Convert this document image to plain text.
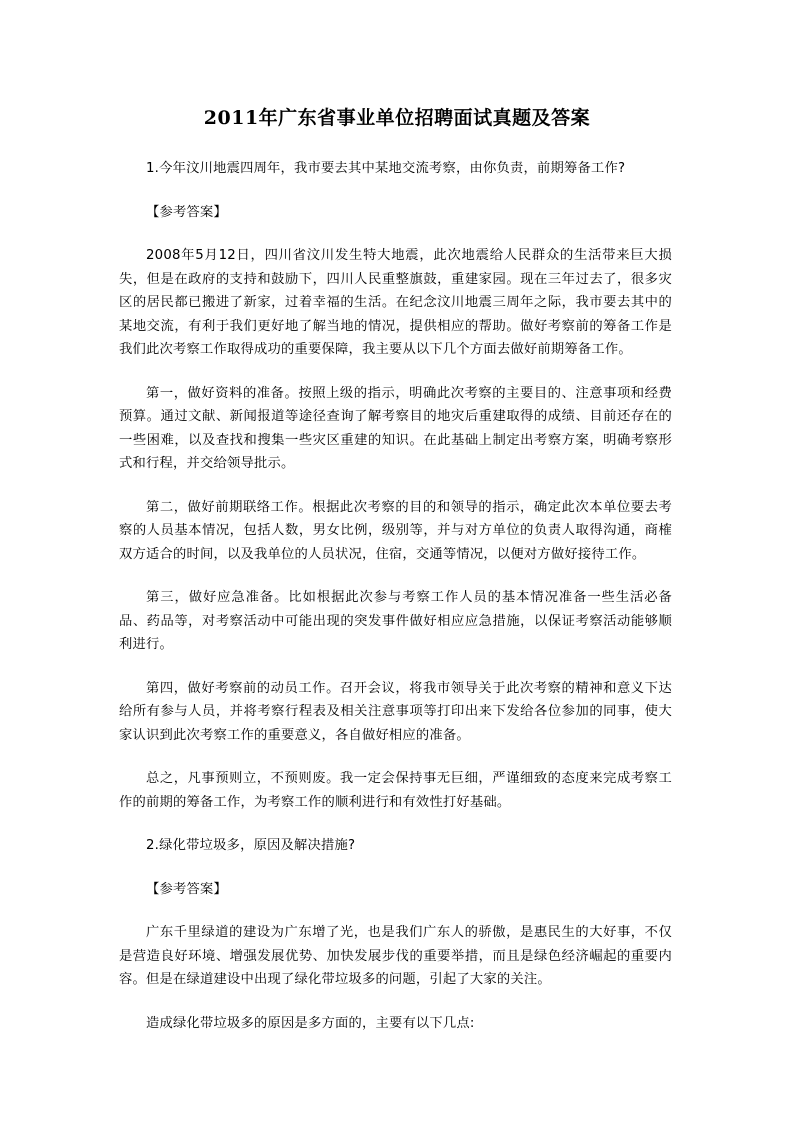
2011年广东省事业单位招聘面试真题及答案

1.今年汶川地震四周年，我市要去其中某地交流考察，由你负责，前期筹备工作?

【参考答案】

2008年5月12日，四川省汶川发生特大地震，此次地震给人民群众的生活带来巨大损失，但是在政府的支持和鼓励下，四川人民重整旗鼓，重建家园。现在三年过去了，很多灾区的居民都已搬进了新家，过着幸福的生活。在纪念汶川地震三周年之际，我市要去其中的某地交流，有利于我们更好地了解当地的情况，提供相应的帮助。做好考察前的筹备工作是我们此次考察工作取得成功的重要保障，我主要从以下几个方面去做好前期筹备工作。

第一，做好资料的准备。按照上级的指示，明确此次考察的主要目的、注意事项和经费预算。通过文献、新闻报道等途径查询了解考察目的地灾后重建取得的成绩、目前还存在的一些困难，以及查找和搜集一些灾区重建的知识。在此基础上制定出考察方案，明确考察形式和行程，并交给领导批示。

第二，做好前期联络工作。根据此次考察的目的和领导的指示，确定此次本单位要去考察的人员基本情况，包括人数，男女比例，级别等，并与对方单位的负责人取得沟通，商榷双方适合的时间，以及我单位的人员状况，住宿，交通等情况，以便对方做好接待工作。

第三，做好应急准备。比如根据此次参与考察工作人员的基本情况准备一些生活必备品、药品等，对考察活动中可能出现的突发事件做好相应应急措施，以保证考察活动能够顺利进行。

第四，做好考察前的动员工作。召开会议，将我市领导关于此次考察的精神和意义下达给所有参与人员，并将考察行程表及相关注意事项等打印出来下发给各位参加的同事，使大家认识到此次考察工作的重要意义，各自做好相应的准备。

总之，凡事预则立，不预则废。我一定会保持事无巨细，严谨细致的态度来完成考察工作的前期的筹备工作，为考察工作的顺利进行和有效性打好基础。

2.绿化带垃圾多，原因及解决措施?

【参考答案】

广东千里绿道的建设为广东增了光，也是我们广东人的骄傲，是惠民生的大好事，不仅是营造良好环境、增强发展优势、加快发展步伐的重要举措，而且是绿色经济崛起的重要内容。但是在绿道建设中出现了绿化带垃圾多的问题，引起了大家的关注。

造成绿化带垃圾多的原因是多方面的，主要有以下几点:
